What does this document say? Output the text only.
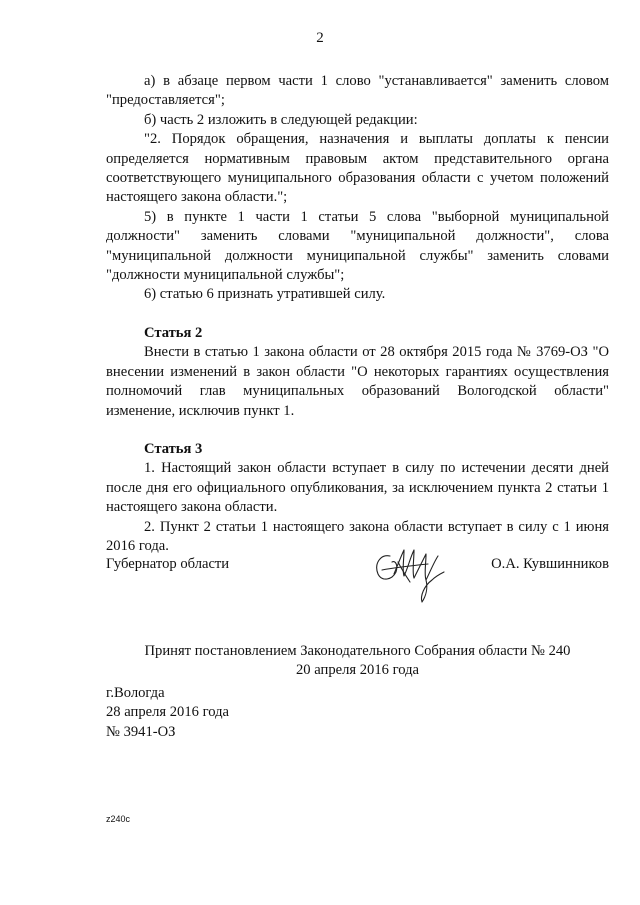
2

а) в абзаце первом части 1 слово "устанавливается" заменить словом "предоставляется";

б) часть 2 изложить в следующей редакции:

"2. Порядок обращения, назначения и выплаты доплаты к пенсии определяется нормативным правовым актом представительного органа соответствующего муниципального образования области с учетом положений настоящего закона области.";

5) в пункте 1 части 1 статьи 5 слова "выборной муниципальной должности" заменить словами "муниципальной должности", слова "муниципальной должности муниципальной службы" заменить словами "должности муниципальной службы";

6) статью 6 признать утратившей силу.

Статья 2

Внести в статью 1 закона области от 28 октября 2015 года № 3769-ОЗ "О внесении изменений в закон области "О некоторых гарантиях осуществления полномочий глав муниципальных образований Вологодской области" изменение, исключив пункт 1.

Статья 3

1. Настоящий закон области вступает в силу по истечении десяти дней после дня его официального опубликования, за исключением пункта 2 статьи 1 настоящего закона области.

2. Пункт 2 статьи 1 настоящего закона области вступает в силу с 1 июня 2016 года.

Губернатор области	О.А. Кувшинников
Принят постановлением Законодательного Собрания области № 240
20 апреля 2016 года
г.Вологда
28 апреля 2016 года
№ 3941-ОЗ
z240c
